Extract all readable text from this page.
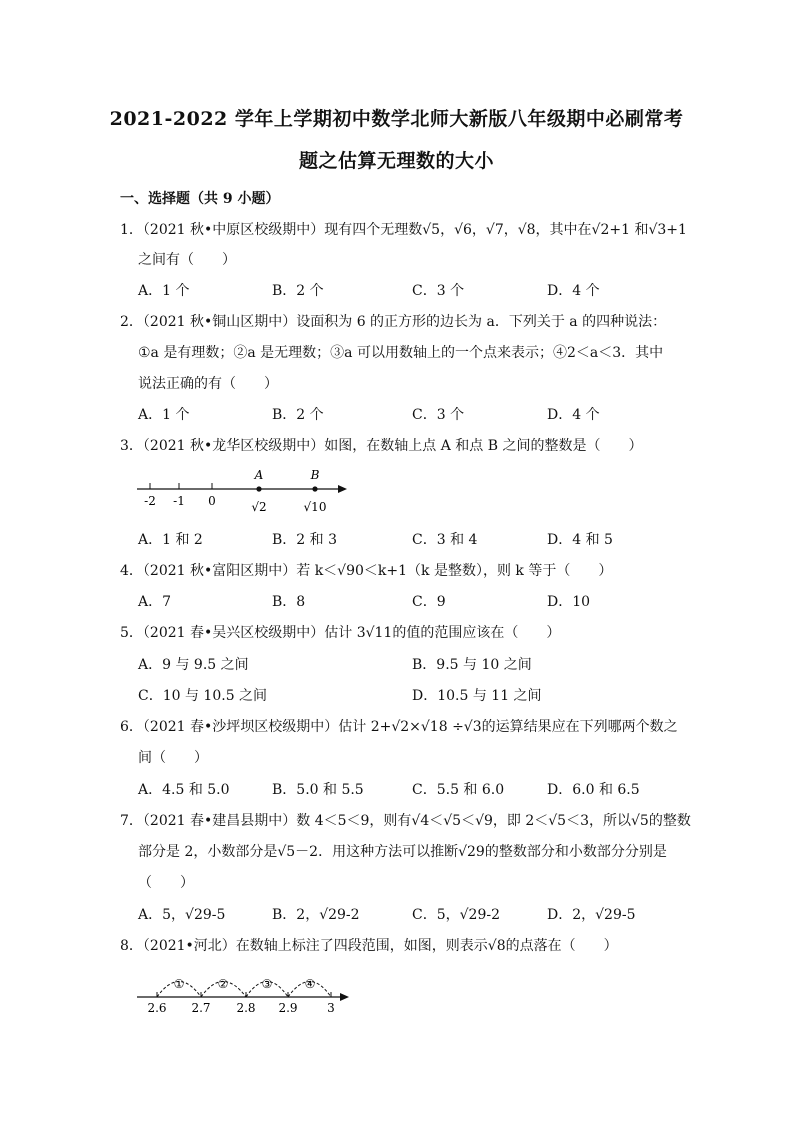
2021-2022 学年上学期初中数学北师大新版八年级期中必刷常考
题之估算无理数的大小
一、选择题（共 9 小题）
1．（2021 秋•中原区校级期中）现有四个无理数√5，√6，√7，√8，其中在√2+1 和√3+1
之间有（　　）
A．1 个	B．2 个	C．3 个	D．4 个
2．（2021 秋•铜山区期中）设面积为 6 的正方形的边长为 a．下列关于 a 的四种说法：
①a 是有理数；②a 是无理数；③a 可以用数轴上的一个点来表示；④2＜a＜3．其中
说法正确的有（　　）
A．1 个	B．2 个	C．3 个	D．4 个
3．（2021 秋•龙华区校级期中）如图，在数轴上点 A 和点 B 之间的整数是（　　）
-2 -1 0
A	B
√2	√10
A．1 和 2	B．2 和 3	C．3 和 4	D．4 和 5
4．（2021 秋•富阳区期中）若 k＜√90＜k+1（k 是整数），则 k 等于（　　）
A．7	B．8	C．9	D．10
5．（2021 春•吴兴区校级期中）估计 3√11的值的范围应该在（　　）
A．9 与 9.5 之间	B．9.5 与 10 之间
C．10 与 10.5 之间	D．10.5 与 11 之间
6．（2021 春•沙坪坝区校级期中）估计 2+√2×√18 ÷√3的运算结果应在下列哪两个数之
间（　　）
A．4.5 和 5.0	B．5.0 和 5.5	C．5.5 和 6.0	D．6.0 和 6.5
7．（2021 春•建昌县期中）数 4＜5＜9，则有√4＜√5＜√9，即 2＜√5＜3，所以√5的整数
部分是 2，小数部分是√5－2．用这种方法可以推断√29的整数部分和小数部分分别是
（　　）
A．5，√29-5	B．2，√29-2	C．5，√29-2	D．2，√29-5
8．（2021•河北）在数轴上标注了四段范围，如图，则表示√8的点落在（　　）
①	②	③	④
2.6 2.7 2.8 2.9 3
